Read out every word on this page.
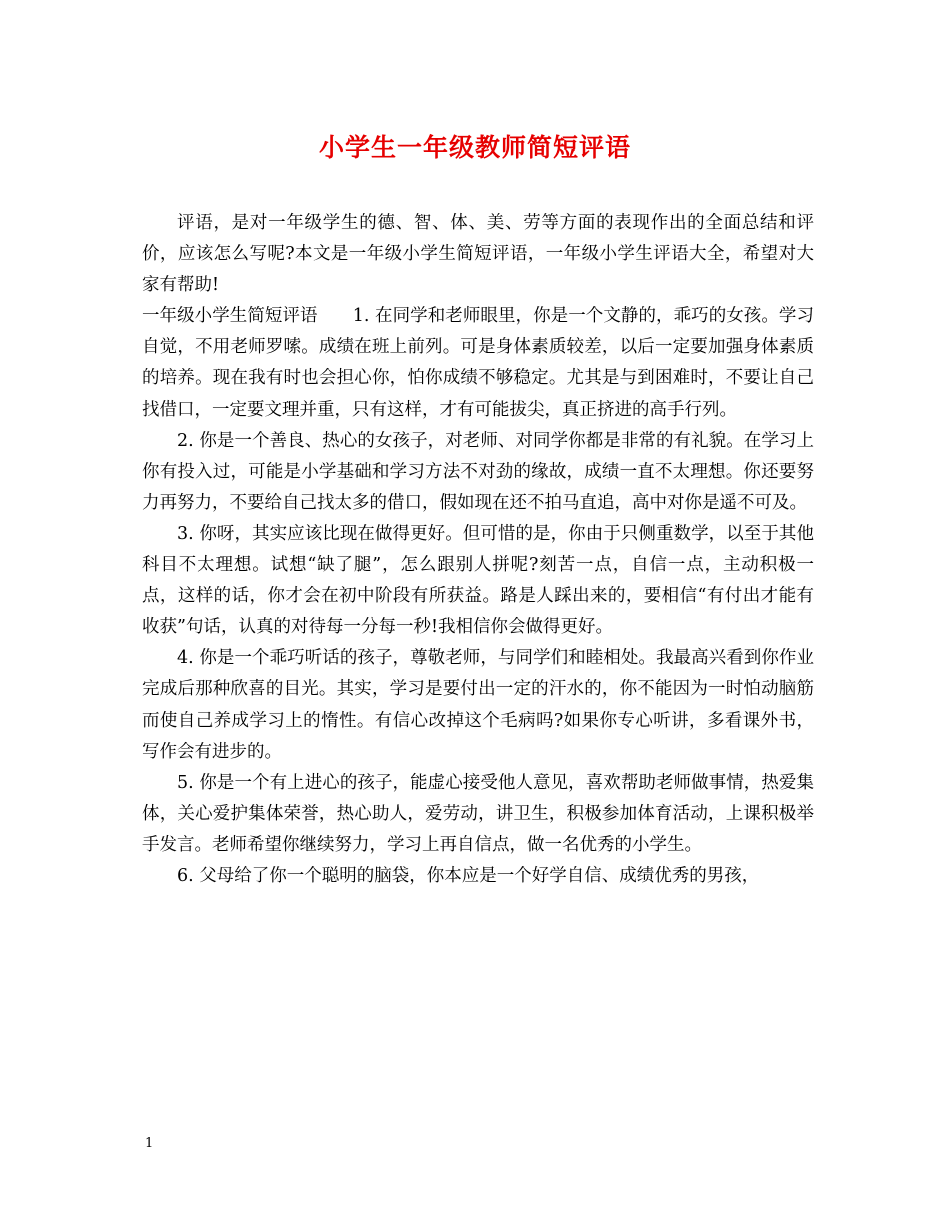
小学生一年级教师简短评语

评语，是对一年级学生的德、智、体、美、劳等方面的表现作出的全面总结和评价，应该怎么写呢?本文是一年级小学生简短评语，一年级小学生评语大全，希望对大家有帮助!

一年级小学生简短评语　　1. 在同学和老师眼里，你是一个文静的，乖巧的女孩。学习自觉，不用老师罗嗦。成绩在班上前列。可是身体素质较差，以后一定要加强身体素质的培养。现在我有时也会担心你，怕你成绩不够稳定。尤其是与到困难时，不要让自己找借口，一定要文理并重，只有这样，才有可能拔尖，真正挤进的高手行列。

2. 你是一个善良、热心的女孩子，对老师、对同学你都是非常的有礼貌。在学习上你有投入过，可能是小学基础和学习方法不对劲的缘故，成绩一直不太理想。你还要努力再努力，不要给自己找太多的借口，假如现在还不拍马直追，高中对你是遥不可及。

3. 你呀，其实应该比现在做得更好。但可惜的是，你由于只侧重数学，以至于其他科目不太理想。试想“缺了腿”，怎么跟别人拼呢?刻苦一点，自信一点，主动积极一点，这样的话，你才会在初中阶段有所获益。路是人踩出来的，要相信“有付出才能有收获”句话，认真的对待每一分每一秒!我相信你会做得更好。

4. 你是一个乖巧听话的孩子，尊敬老师，与同学们和睦相处。我最高兴看到你作业完成后那种欣喜的目光。其实，学习是要付出一定的汗水的，你不能因为一时怕动脑筋而使自己养成学习上的惰性。有信心改掉这个毛病吗?如果你专心听讲，多看课外书，写作会有进步的。

5. 你是一个有上进心的孩子，能虚心接受他人意见，喜欢帮助老师做事情，热爱集体，关心爱护集体荣誉，热心助人，爱劳动，讲卫生，积极参加体育活动，上课积极举手发言。老师希望你继续努力，学习上再自信点，做一名优秀的小学生。

6. 父母给了你一个聪明的脑袋，你本应是一个好学自信、成绩优秀的男孩，

1
